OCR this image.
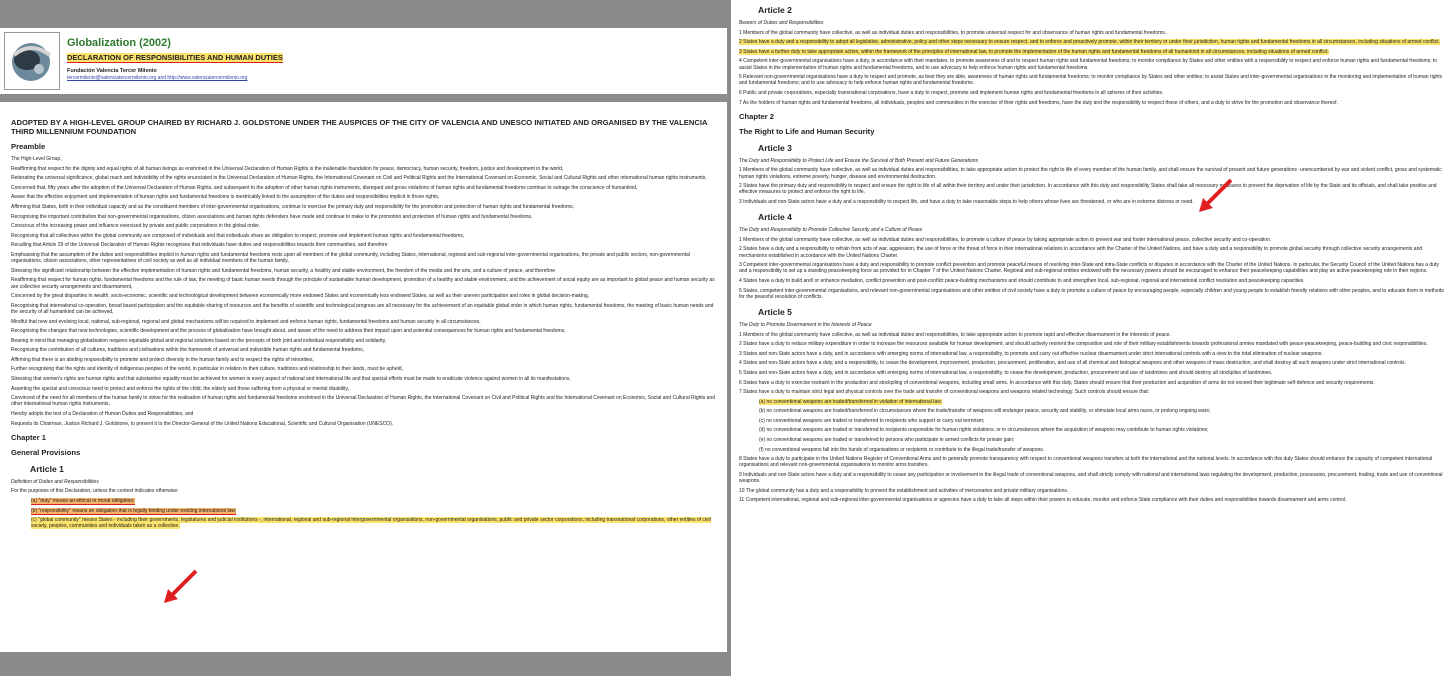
Globalization (2002)
DECLARATION OF RESPONSIBILITIES AND HUMAN DUTIES
Fundación Valencia Tercer Milenio
tercermilenio@valenciatercermilenio.org and http://www.valenciatercermilenio.org
ADOPTED BY A HIGH-LEVEL GROUP CHAIRED BY RICHARD J. GOLDSTONE UNDER THE AUSPICES OF THE CITY OF VALENCIA AND UNESCO INITIATED AND ORGANISED BY THE VALENCIA THIRD MILLENNIUM FOUNDATION
Preamble

The High-Level Group,

Reaffirming that respect for the dignity and equal rights of all human beings as enshrined in the Universal Declaration of Human Rights is the inalienable foundation for peace, democracy, human security, freedom, justice and development in the world,

Reiterating the universal significance, global reach and indivisibility of the rights enunciated in the Universal Declaration of Human Rights, the International Covenant on Civil and Political Rights and the International Covenant on Economic, Social and Cultural Rights and other international human rights instruments,

Concerned that, fifty years after the adoption of the Universal Declaration of Human Rights, and subsequent to the adoption of other human rights instruments, disregard and gross violations of human rights and fundamental freedoms continue to outrage the conscience of humankind,

Aware that the effective enjoyment and implementation of human rights and fundamental freedoms is inextricably linked to the assumption of the duties and responsibilities implicit in those rights,

Affirming that States, both in their individual capacity and as the constituent members of inter-governmental organisations, continue to exercise the primary duty and responsibility for the promotion and protection of human rights and fundamental freedoms,

Recognising the important contribution that non-governmental organisations, citizen associations and human rights defenders have made and continue to make to the promotion and protection of human rights and fundamental freedoms,

Conscious of the increasing power and influence exercised by private and public corporations in the global order,

Recognising that all collectives within the global community are composed of individuals and that individuals share an obligation to respect, promote and implement human rights and fundamental freedoms,

Recalling that Article 29 of the Universal Declaration of Human Rights recognises that individuals have duties and responsibilities towards their communities, and therefore

Emphasising that the assumption of the duties and responsibilities implicit in human rights and fundamental freedoms rests upon all members of the global community, including States, international, regional and sub-regional inter-governmental organisations, the private and public sectors, non-governmental organisations, citizen associations, other representatives of civil society as well as all individual members of the human family,

Stressing the significant relationship between the effective implementation of human rights and fundamental freedoms, human security, a healthy and stable environment, the freedom of the media and the arts, and a culture of peace, and therefore

Reaffirming that respect for human rights, fundamental freedoms and the rule of law, the meeting of basic human needs through the principle of sustainable human development, promotion of a healthy and stable environment, and the achievement of social equity are as important to global peace and human security as are collective security arrangements and disarmament,

Concerned by the great disparities in wealth, socio-economic, scientific and technological development between economically more endowed States and economically less endowed States, as well as their uneven participation and roles in global decision-making,

Recognising that international co-operation, broad based participation and the equitable sharing of resources and the benefits of scientific and technological progress are all necessary for the achievement of an equitable global order in which human rights, fundamental freedoms, the meeting of basic human needs and the security of all humankind can be achieved,

Mindful that new and evolving local, national, sub-regional, regional and global mechanisms will be required to implement and enforce human rights, fundamental freedoms and human security in all circumstances,

Recognising the changes that new technologies, scientific development and the process of globalisation have brought about, and aware of the need to address their impact upon and potential consequences for human rights and fundamental freedoms,

Bearing in mind that managing globalisation requires equitable global and regional solutions based on the precepts of both joint and individual responsibility and solidarity,

Recognising the contribution of all cultures, traditions and civilisations within the framework of universal and indivisible human rights and fundamental freedoms,

Affirming that there is an abiding responsibility to promote and protect diversity in the human family and to respect the rights of minorities,

Further recognising that the rights and identity of indigenous peoples of the world, in particular in relation to their culture, traditions and relationship to their lands, must be upheld,

Stressing that women's rights are human rights and that substantive equality must be achieved for women in every aspect of national and international life and that special efforts must be made to eradicate violence against women in all its manifestations,

Asserting the special and conscious need to protect and enforce the rights of the child, the elderly and those suffering from a physical or mental disability,

Convinced of the need for all members of the human family to strive for the realisation of human rights and fundamental freedoms enshrined in the Universal Declaration of Human Rights, the International Covenant on Civil and Political Rights and the International Covenant on Economic, Social and Cultural Rights and other international human rights instruments,

Hereby adopts the text of a Declaration of Human Duties and Responsibilities, and

Requests its Chairman, Justice Richard J. Goldstone, to present it to the Director-General of the United Nations Educational, Scientific and Cultural Organisation (UNESCO).

Chapter 1
General Provisions
Article 1

Definition of Duties and Responsibilities

For the purposes of this Declaration, unless the context indicates otherwise:

(a) "duty" means an ethical or moral obligation;

(b) "responsibility" means an obligation that is legally binding under existing international law;

(c) "global community" means States - including their governments, legislatures and judicial institutions -, international, regional and sub-regional intergovernmental organisations, non-governmental organisations, public and private sector corporations, including transnational corporations, other entities of civil society, peoples, communities and individuals taken as a collective.

Article 2

Bearers of Duties and Responsibilities

1 Members of the global community have collective, as well as individual duties and responsibilities, to promote universal respect for and observance of human rights and fundamental freedoms.

2 States have a duty and a responsibility to adopt all legislative, administrative, policy and other steps necessary to ensure respect, and to enforce and proactively promote, within their territory or under their jurisdiction, human rights and fundamental freedoms in all circumstances, including situations of armed conflict.

3 States have a further duty to take appropriate action, within the framework of the principles of international law, to promote the implementation of the human rights and fundamental freedoms of all humankind in all circumstances, including situations of armed conflict.

4 Competent inter-governmental organisations have a duty, in accordance with their mandates, to promote awareness of and to respect human rights and fundamental freedoms; to monitor compliance by States and other entities with a responsibility to respect and enforce human rights and fundamental freedoms; to assist States in the implementation of human rights and fundamental freedoms, and to use advocacy to help enforce human rights and fundamental freedoms.

5 Relevant non-governmental organisations have a duty to respect and promote, as best they are able, awareness of human rights and fundamental freedoms; to monitor compliance by States and other entities; to assist States and inter-governmental organisations in the monitoring and implementation of human rights and fundamental freedoms; and to use advocacy to help enforce human rights and fundamental freedoms.

6 Public and private corporations, especially transnational corporations, have a duty to respect, promote and implement human rights and fundamental freedoms in all spheres of their activities.

7 As the holders of human rights and fundamental freedoms, all individuals, peoples and communities in the exercise of their rights and freedoms, have the duty and the responsibility to respect those of others, and a duty to strive for the promotion and observance thereof.

Chapter 2
The Right to Life and Human Security
Article 3

The Duty and Responsibility to Protect Life and Ensure the Survival of Both Present and Future Generations

1 Members of the global community have collective, as well as individual duties and responsibilities, to take appropriate action to protect the right to life of every member of the human family, and shall ensure the survival of present and future generations -unencumbered by war and violent conflict, gross and systematic human rights violations, extreme poverty, hunger, disease and environmental destruction.

2 States have the primary duty and responsibility to respect and ensure the right to life of all within their territory and under their jurisdiction. In accordance with this duty and responsibility States shall take all necessary measures to prevent the deprivation of life by the State and its officials, and shall take positive and effective measures to protect and enforce the right to life.

3 Individuals and non-State actors have a duty and a responsibility to respect life, and have a duty to take reasonable steps to help others whose lives are threatened, or who are in extreme distress or need.

Article 4

The Duty and Responsibility to Promote Collective Security and a Culture of Peace

1 Members of the global community have collective, as well as individual duties and responsibilities, to promote a culture of peace by taking appropriate action to prevent war and foster international peace, collective security and co-operation.

2 States have a duty and a responsibility to refrain from acts of war, aggression, the use of force or the threat of force in their international relations in accordance with the Charter of the United Nations, and have a duty and a responsibility to promote global security through collective security arrangements and mechanisms established in accordance with the United Nations Charter.

3 Competent inter-governmental organisations have a duty and responsibility to promote conflict prevention and promote peaceful means of resolving inter-State and intra-State conflicts or disputes in accordance with the Charter of the United Nations. In particular, the Security Council of the United Nations has a duty and a responsibility to set up a standing peacekeeping force as provided for in Chapter 7 of the United Nations Charter. Regional and sub-regional entities endowed with the necessary powers should be encouraged to enhance their peacekeeping capabilities and play an active peacekeeping role in their regions.

4 States have a duty to build and/ or enhance mediation, conflict prevention and post-conflict peace-building mechanisms and should contribute to and strengthen local, sub-regional, regional and international conflict resolution and peacekeeping capacities.

5 States, competent inter-governmental organisations, and relevant non-governmental organisations and other entities of civil society have a duty to promote a culture of peace by encouraging people, especially children and young people to establish friendly relations with other peoples, and to educate them in methods for the peaceful resolution of conflicts.

Article 5

The Duty to Promote Disarmament in the Interests of Peace

1 Members of the global community have collective, as well as individual duties and responsibilities, to take appropriate action to promote rapid and effective disarmament in the interests of peace.

2 States have a duty to reduce military expenditure in order to increase the resources available for human development, and should actively reorient the composition and role of their military establishments towards professional armies mandated with peace-peacekeeping, peace-building and civic responsibilities.

3 States and non-State actors have a duty, and in accordance with emerging norms of international law, a responsibility, to promote and carry out effective nuclear disarmament under strict international controls with a view to the total elimination of nuclear weapons.

4 States and non-State actors have a duty, and a responsibility, to cease the development, improvement, production, procurement, proliferation, and use of all chemical and biological weapons and other weapons of mass destruction, and shall destroy all such weapons under strict international controls.

5 States and non-State actors have a duty, and in accordance with emerging norms of international law, a responsibility, to cease the development, production, procurement and use of landmines and should destroy all stockpiles of landmines.

6 States have a duty to exercise restraint in the production and stockpiling of conventional weapons, including small arms. In accordance with this duty, States should ensure that their production and acquisition of arms do not exceed their legitimate self-defence and security requirements.

7 States have a duty to maintain strict legal and physical controls over the trade and transfer of conventional weapons and weapons related technology. Such controls should ensure that:

(a) no conventional weapons are traded/transferred in violation of international law;

(b) no conventional weapons are traded/transferred in circumstances where the trade/transfer of weapons will endanger peace, security and stability, or stimulate local arms races, or prolong ongoing wars;

(c) no conventional weapons are traded or transferred to recipients who support or carry out terrorism;

(d) no conventional weapons are traded or transferred to recipients responsible for human rights violations, or in circumstances where the acquisition of weapons may contribute to human rights violations;

(e) no conventional weapons are traded or transferred to persons who participate in armed conflicts for private gain;

(f) no conventional weapons fall into the hands of organisations or recipients or contribute to the illegal trade/transfer of weapons.

8 States have a duty to participate in the United Nations Register of Conventional Arms and to generally promote transparency with respect to conventional weapons transfers at both the international and the national levels. In accordance with this duty States should enhance the capacity of competent international organisations and relevant non-governmental organisations to monitor arms transfers.

9 Individuals and non-State actors have a duty and a responsibility to cease any participation or involvement in the illegal trade of conventional weapons, and shall strictly comply with national and international laws regulating the development, production, possession, procurement, trading, trade and use of conventional weapons.

10 The global community has a duty and a responsibility to prevent the establishment and activities of mercenaries and private military organisations.

11 Competent international, regional and sub-regional inter-governmental organisations or agencies have a duty to take all steps within their powers to educate, monitor and enforce State compliance with their duties and responsibilities towards disarmament and arms control.
